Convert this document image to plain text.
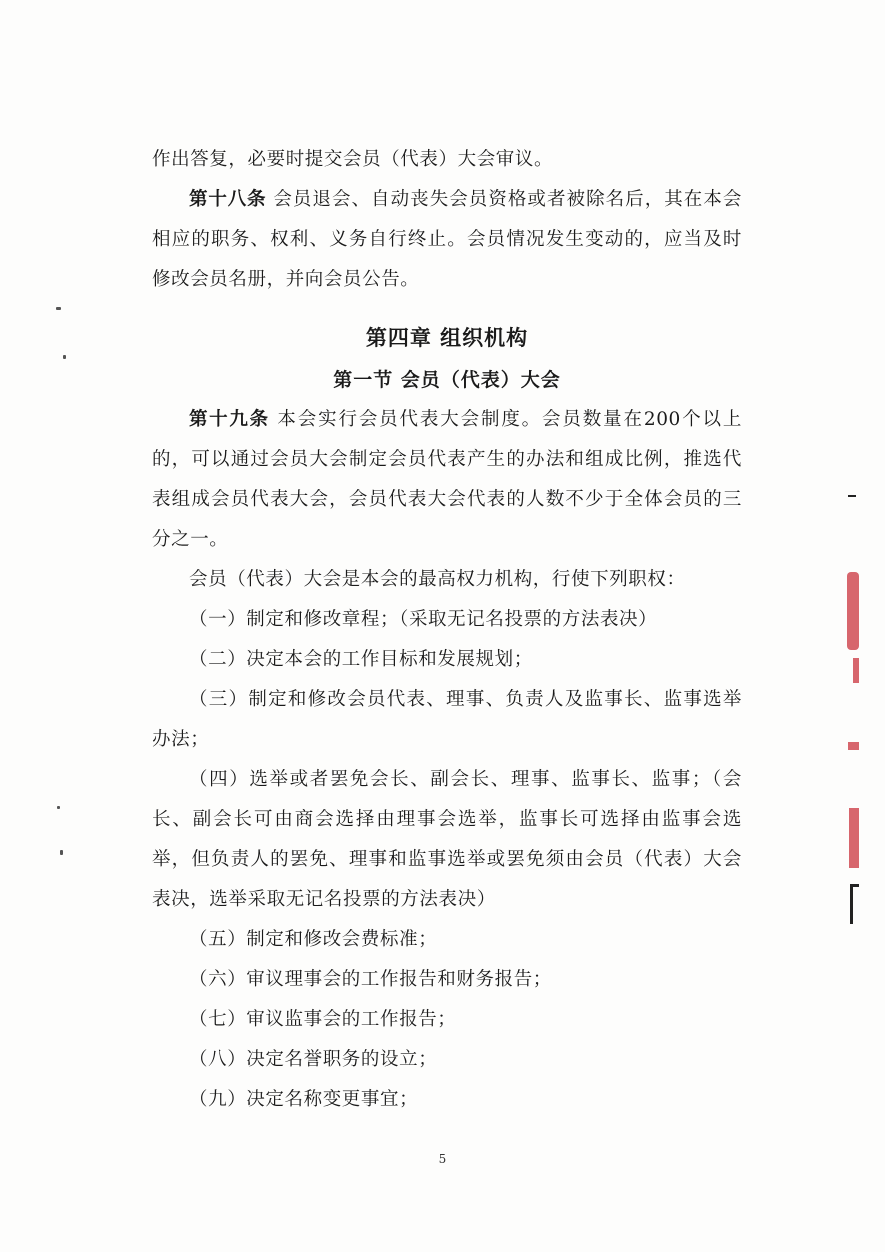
作出答复，必要时提交会员（代表）大会审议。

第十八条 会员退会、自动丧失会员资格或者被除名后，其在本会相应的职务、权利、义务自行终止。会员情况发生变动的，应当及时修改会员名册，并向会员公告。

第四章 组织机构
第一节 会员（代表）大会

第十九条 本会实行会员代表大会制度。会员数量在200个以上的，可以通过会员大会制定会员代表产生的办法和组成比例，推选代表组成会员代表大会，会员代表大会代表的人数不少于全体会员的三分之一。

会员（代表）大会是本会的最高权力机构，行使下列职权：

（一）制定和修改章程；（采取无记名投票的方法表决）

（二）决定本会的工作目标和发展规划；

（三）制定和修改会员代表、理事、负责人及监事长、监事选举办法；

（四）选举或者罢免会长、副会长、理事、监事长、监事；（会长、副会长可由商会选择由理事会选举，监事长可选择由监事会选举，但负责人的罢免、理事和监事选举或罢免须由会员（代表）大会表决，选举采取无记名投票的方法表决）

（五）制定和修改会费标准；

（六）审议理事会的工作报告和财务报告；

（七）审议监事会的工作报告；

（八）决定名誉职务的设立；

（九）决定名称变更事宜；

5
